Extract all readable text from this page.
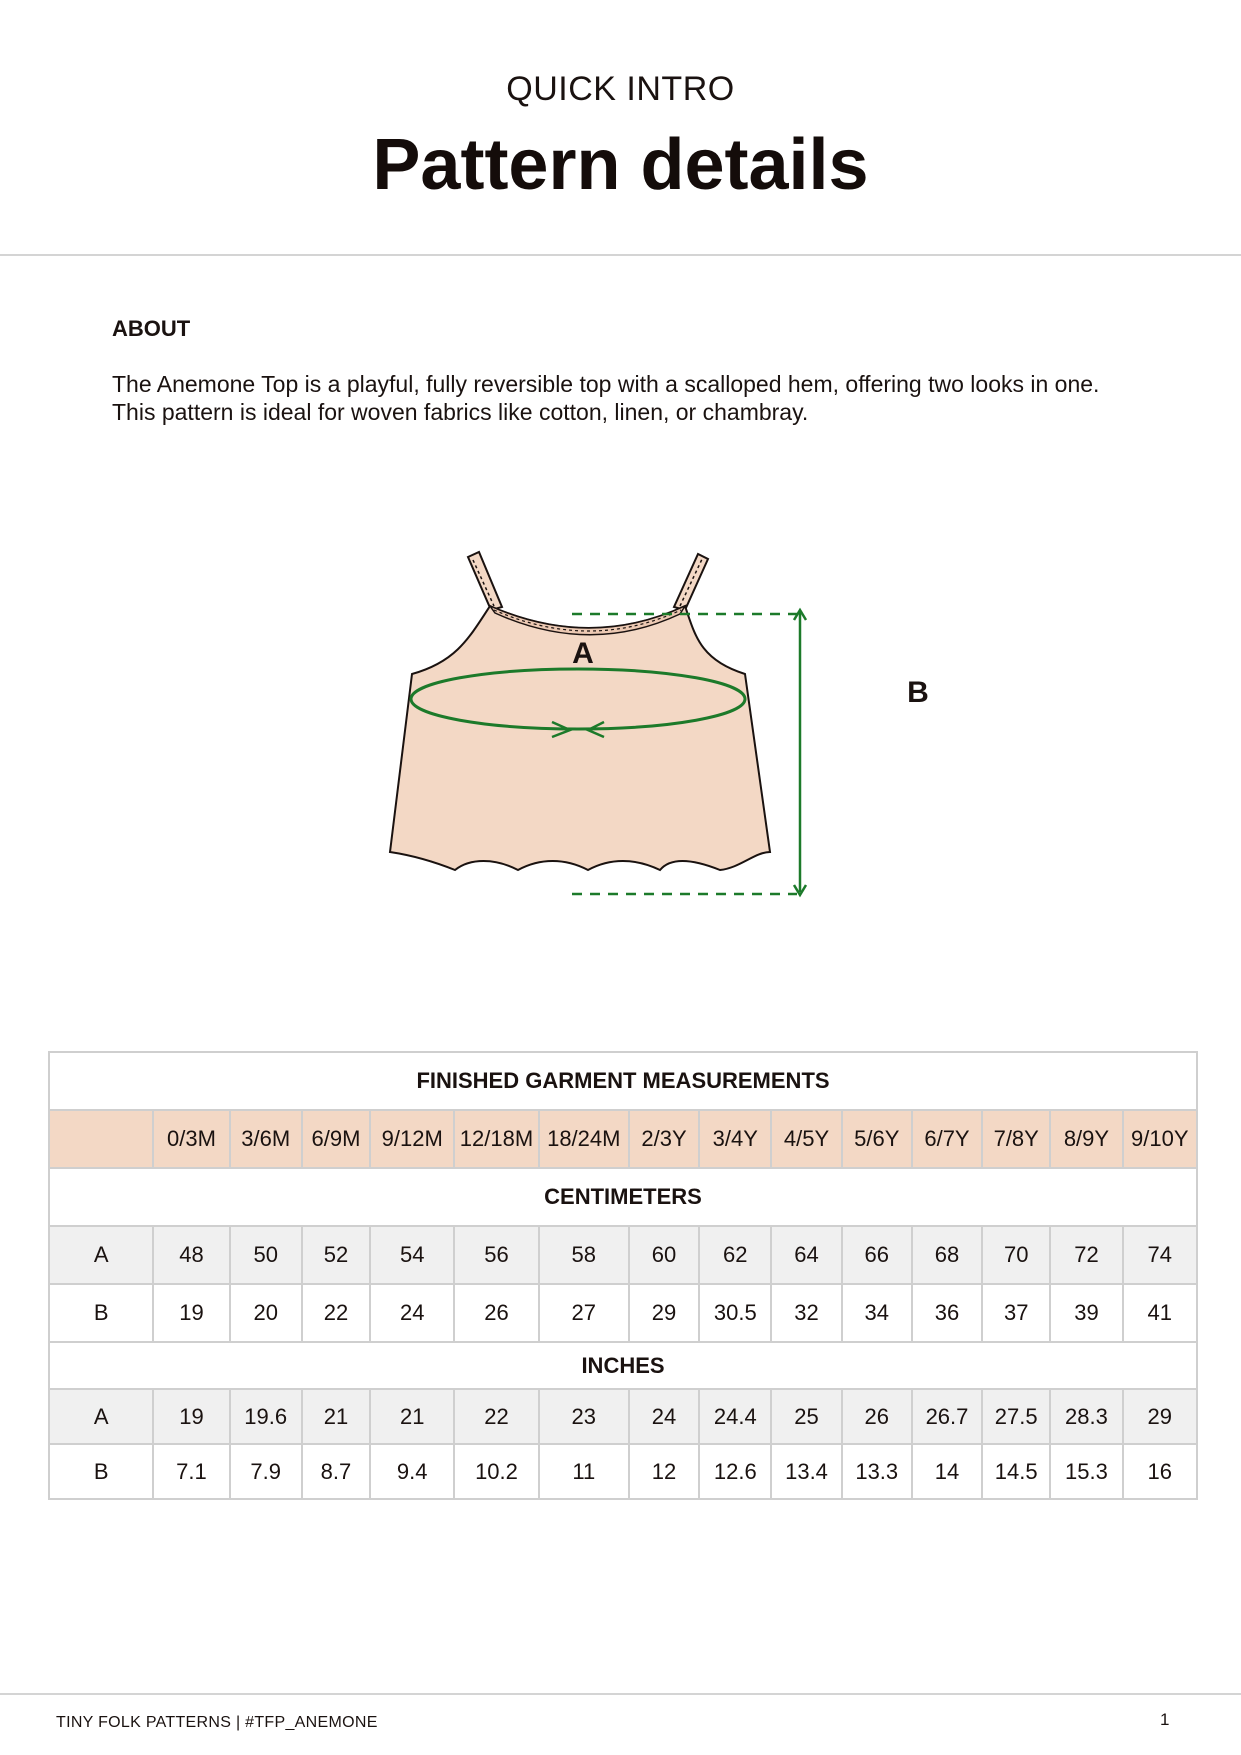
QUICK INTRO
Pattern details
ABOUT
The Anemone Top is a playful, fully reversible top with a scalloped hem, offering two looks in one. This pattern is ideal for woven fabrics like cotton, linen, or chambray.
A
B
FINISHED GARMENT MEASUREMENTS														
	0/3M	3/6M	6/9M	9/12M	12/18M	18/24M	2/3Y	3/4Y	4/5Y	5/6Y	6/7Y	7/8Y	8/9Y	9/10Y
CENTIMETERS														
A	48	50	52	54	56	58	60	62	64	66	68	70	72	74
B	19	20	22	24	26	27	29	30.5	32	34	36	37	39	41
INCHES														
A	19	19.6	21	21	22	23	24	24.4	25	26	26.7	27.5	28.3	29
B	7.1	7.9	8.7	9.4	10.2	11	12	12.6	13.4	13.3	14	14.5	15.3	16
TINY FOLK PATTERNS | #TFP_ANEMONE	1
